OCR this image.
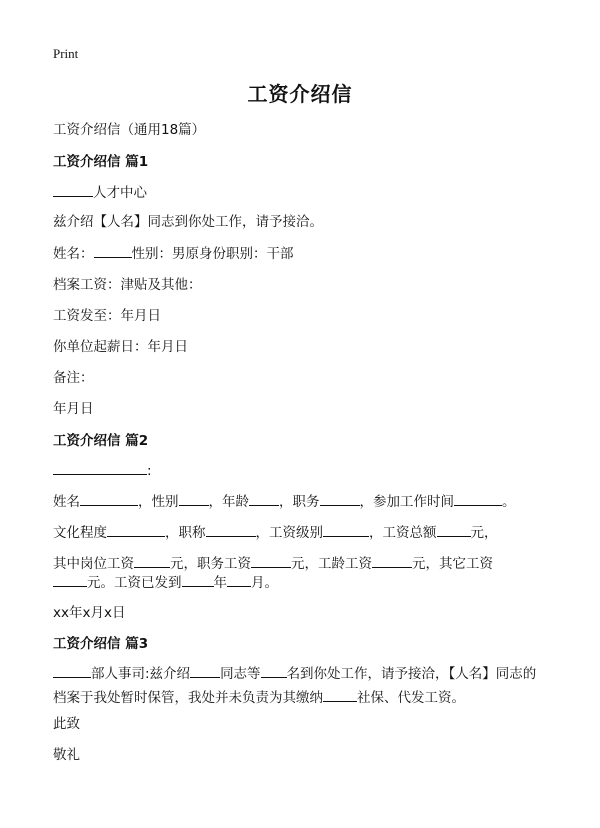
Print
工资介绍信
工资介绍信（通用18篇）
工资介绍信 篇1
人才中心
兹介绍【人名】同志到你处工作，请予接洽。
姓名：	性别：男原身份职别：干部
档案工资：津贴及其他：
工资发至：年月日
你单位起薪日：年月日
备注：
年月日
工资介绍信 篇2
:
姓名	，性别 ，年龄 ，职务	，参加工作时间	。
文化程度	，职称	，工资级别	，工资总额	元，
其中岗位工资	元，职务工资	元，工龄工资	元，其它工资
元。工资已发到 年 月。
xx年x月x日
工资介绍信 篇3
部人事司:兹介绍 同志等 名到你处工作，请予接洽，【人名】同志的档案于我处暂时保管，我处并未负责为其缴纳	社保、代发工资。
此致
敬礼
